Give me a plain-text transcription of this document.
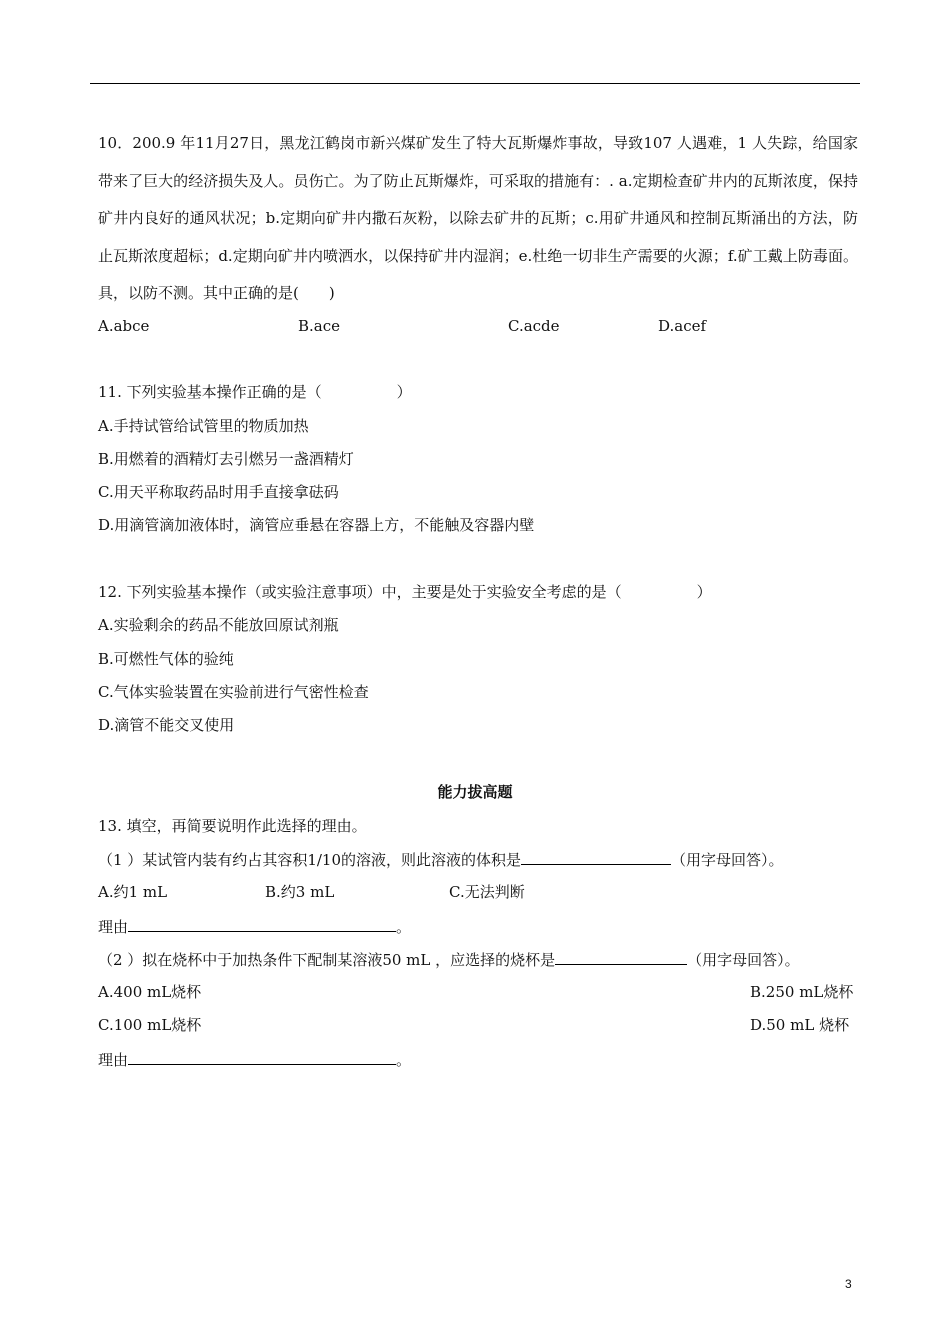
10．200.9 年11月27日，黑龙江鹤岗市新兴煤矿发生了特大瓦斯爆炸事故，导致107 人遇难，1 人失踪，给国家带来了巨大的经济损失及人。员伤亡。为了防止瓦斯爆炸，可采取的措施有：. a.定期检查矿井内的瓦斯浓度，保持矿井内良好的通风状况；b.定期向矿井内撒石灰粉，以除去矿井的瓦斯；c.用矿井通风和控制瓦斯涌出的方法，防止瓦斯浓度超标；d.定期向矿井内喷洒水，以保持矿井内湿润；e.杜绝一切非生产需要的火源；f.矿工戴上防毒面。具，以防不测。其中正确的是(　　)
A.abce	B.ace	C.acde	D.acef
11. 下列实验基本操作正确的是（　　　　　）
A.手持试管给试管里的物质加热
B.用燃着的酒精灯去引燃另一盏酒精灯
C.用天平称取药品时用手直接拿砝码
D.用滴管滴加液体时，滴管应垂悬在容器上方，不能触及容器内壁
12. 下列实验基本操作（或实验注意事项）中，主要是处于实验安全考虑的是（　　　　　）
A.实验剩余的药品不能放回原试剂瓶
B.可燃性气体的验纯
C.气体实验装置在实验前进行气密性检查
D.滴管不能交叉使用
能力拔高题
13. 填空，再简要说明作此选择的理由。
（1 ）某试管内装有约占其容积1/10的溶液，则此溶液的体积是	（用字母回答）。
A.约1 mL	B.约3 mL	C.无法判断
理由	。
（2 ）拟在烧杯中于加热条件下配制某溶液50 mL ，应选择的烧杯是	（用字母回答）。
A.400 mL烧杯	B.250 mL烧杯
C.100 mL烧杯	D.50 mL 烧杯
理由	。
3
